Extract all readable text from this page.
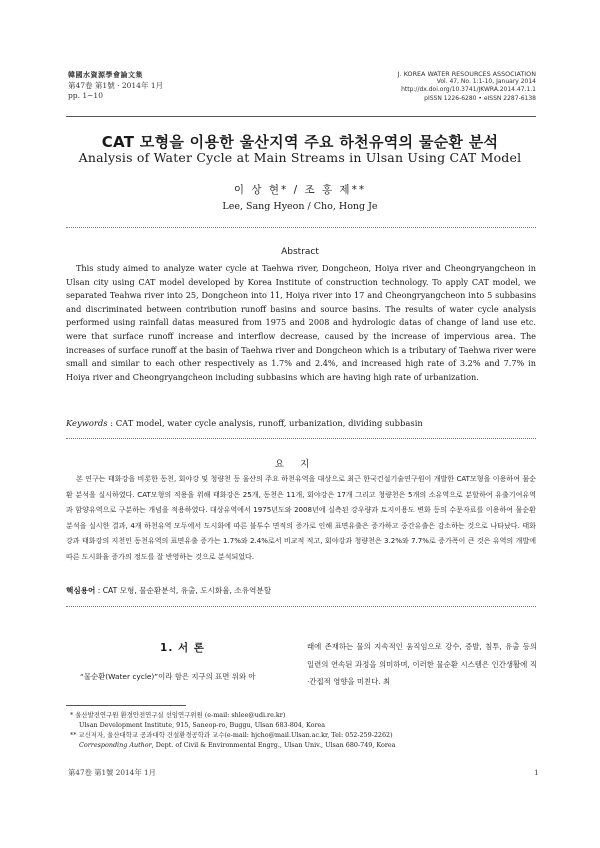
韓國水資源學會論文集
第47卷 第1號 · 2014年 1月
pp. 1~10
J. KOREA WATER RESOURCES ASSOCIATION
Vol. 47, No. 1:1-10, January 2014
http://dx.doi.org/10.3741/JKWRA.2014.47.1.1
pISSN 1226-6280 • eISSN 2287-6138
CAT 모형을 이용한 울산지역 주요 하천유역의 물순환 분석
Analysis of Water Cycle at Main Streams in Ulsan Using CAT Model
이 상 현* / 조 홍 제**
Lee, Sang Hyeon / Cho, Hong Je
Abstract
This study aimed to analyze water cycle at Taehwa river, Dongcheon, Hoiya river and Cheongryangcheon in Ulsan city using CAT model developed by Korea Institute of construction technology. To apply CAT model, we separated Teahwa river into 25, Dongcheon into 11, Hoiya river into 17 and Cheongryangcheon into 5 subbasins and discriminated between contribution runoff basins and source basins. The results of water cycle analysis performed using rainfall datas measured from 1975 and 2008 and hydrologic datas of change of land use etc. were that surface runoff increase and interflow decrease, caused by the increase of impervious area. The increases of surface runoff at the basin of Taehwa river and Dongcheon which is a tributary of Taehwa river were small and similar to each other respectively as 1.7% and 2.4%, and increased high rate of 3.2% and 7.7% in Hoiya river and Cheongryangcheon including subbasins which are having high rate of urbanization.
Keywords : CAT model, water cycle analysis, runoff, urbanization, dividing subbasin
요지
본 연구는 태화강을 비롯한 동천, 회야강 및 청량천 등 울산의 주요 하천유역을 대상으로 최근 한국건설기술연구원이 개발한 CAT모형을 이용하여 물순환 분석을 실시하였다. CAT모형의 적용을 위해 태화강은 25개, 동천은 11개, 회야강은 17개 그리고 청량천은 5개의 소유역으로 분할하여 유출기여유역과 함양유역으로 구분하는 개념을 적용하였다. 대상유역에서 1975년도와 2008년에 실측된 강우량과 토지이용도 변화 등의 수문자료를 이용하여 물순환 분석을 실시한 결과, 4개 하천유역 모두에서 도시화에 따른 불투수 면적의 증가로 인해 표면유출은 증가하고 중간유출은 감소하는 것으로 나타났다. 태화강과 태화강의 지천인 동천유역의 표면유출 증가는 1.7%와 2.4%로서 비교적 적고, 회야강과 청량천은 3.2%와 7.7%로 증가폭이 큰 것은 유역의 개발에 따른 도시화율 증가의 정도를 잘 반영하는 것으로 분석되었다.
핵심용어 : CAT 모형, 물순환분석, 유출, 도시화율, 소유역분할
1. 서 론
“물순환(Water cycle)”이라 함은 지구의 표면 위와 아
래에 존재하는 물의 지속적인 움직임으로 강수, 증발, 침투, 유출 등의 일련의 연속된 과정을 의미하며, 이러한 물순환 시스템은 인간생활에 직·간접적 영향을 미친다. 최
* 울산발전연구원 환경안전연구실 선임연구위원 (e-mail: shlee@udi.re.kr)
Ulsan Development Institute, 915, Saneop-ro, Buggu, Ulsan 683-804, Korea
** 교신저자, 울산대학교 공과대학 건설환경공학과 교수(e-mail: hjcho@mail.Ulsan.ac.kr, Tel: 052-259-2262)
Corresponding Author, Dept. of Civil & Environmental Engrg., Ulsan Univ., Ulsan 680-749, Korea
第47卷 第1號 2014年 1月	1
